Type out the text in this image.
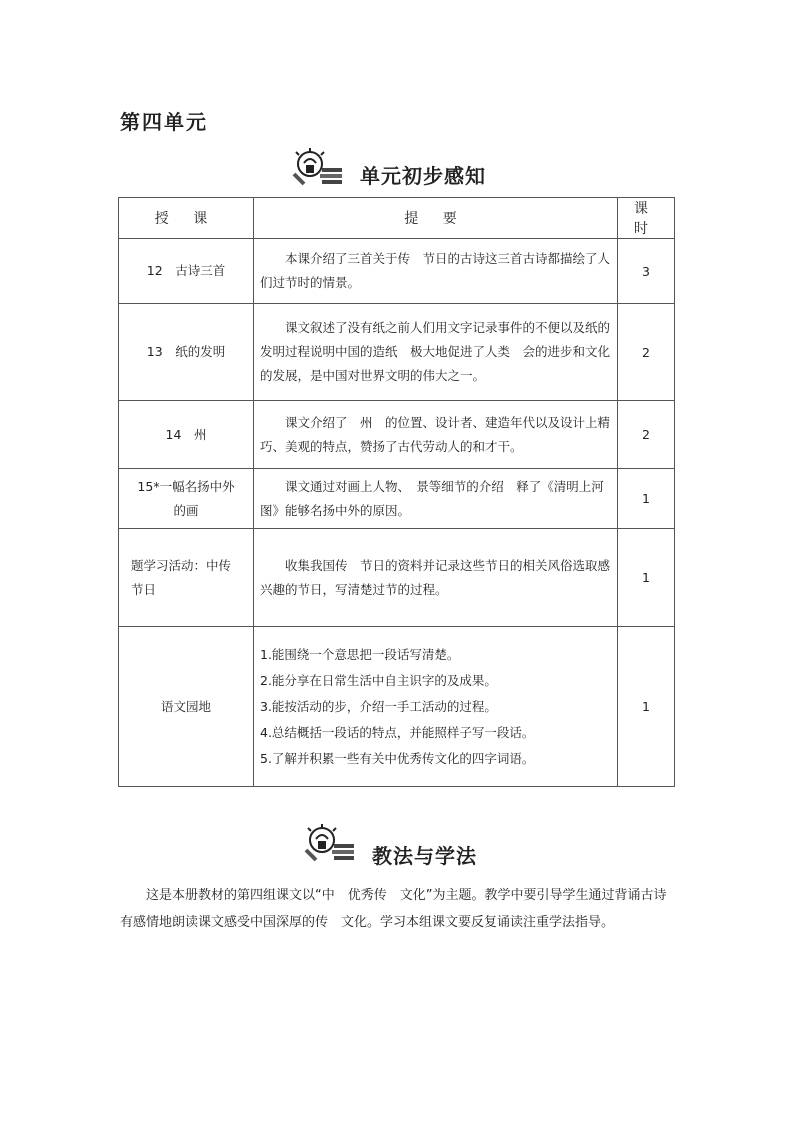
第四单元
单元初步感知
授 课	提 要	课 时
12　古诗三首	本课介绍了三首关于传　节日的古诗这三首古诗都描绘了人们过节时的情景。	3
13　纸的发明	课文叙述了没有纸之前人们用文字记录事件的不便以及纸的发明过程说明中国的造纸　极大地促进了人类　会的进步和文化的发展，是中国对世界文明的伟大之一。	2
14　州	课文介绍了　州　的位置、设计者、建造年代以及设计上精巧、美观的特点，赞扬了古代劳动人的和才干。	2
15*一幅名扬中外的画	课文通过对画上人物、　景等细节的介绍　释了《清明上河图》能够名扬中外的原因。	1
题学习活动：中传节日	收集我国传　节日的资料并记录这些节日的相关风俗选取感兴趣的节日，写清楚过节的过程。	1
语文园地	1.能围绕一个意思把一段话写清楚。
2.能分享在日常生活中自主识字的及成果。
3.能按活动的步，介绍一手工活动的过程。
4.总结概括一段话的特点，并能照样子写一段话。
5.了解并积累一些有关中优秀传文化的四字词语。	1
教法与学法
这是本册教材的第四组课文以“中　优秀传　文化”为主题。教学中要引导学生通过背诵古诗有感情地朗读课文感受中国深厚的传　文化。学习本组课文要反复诵读注重学法指导。
